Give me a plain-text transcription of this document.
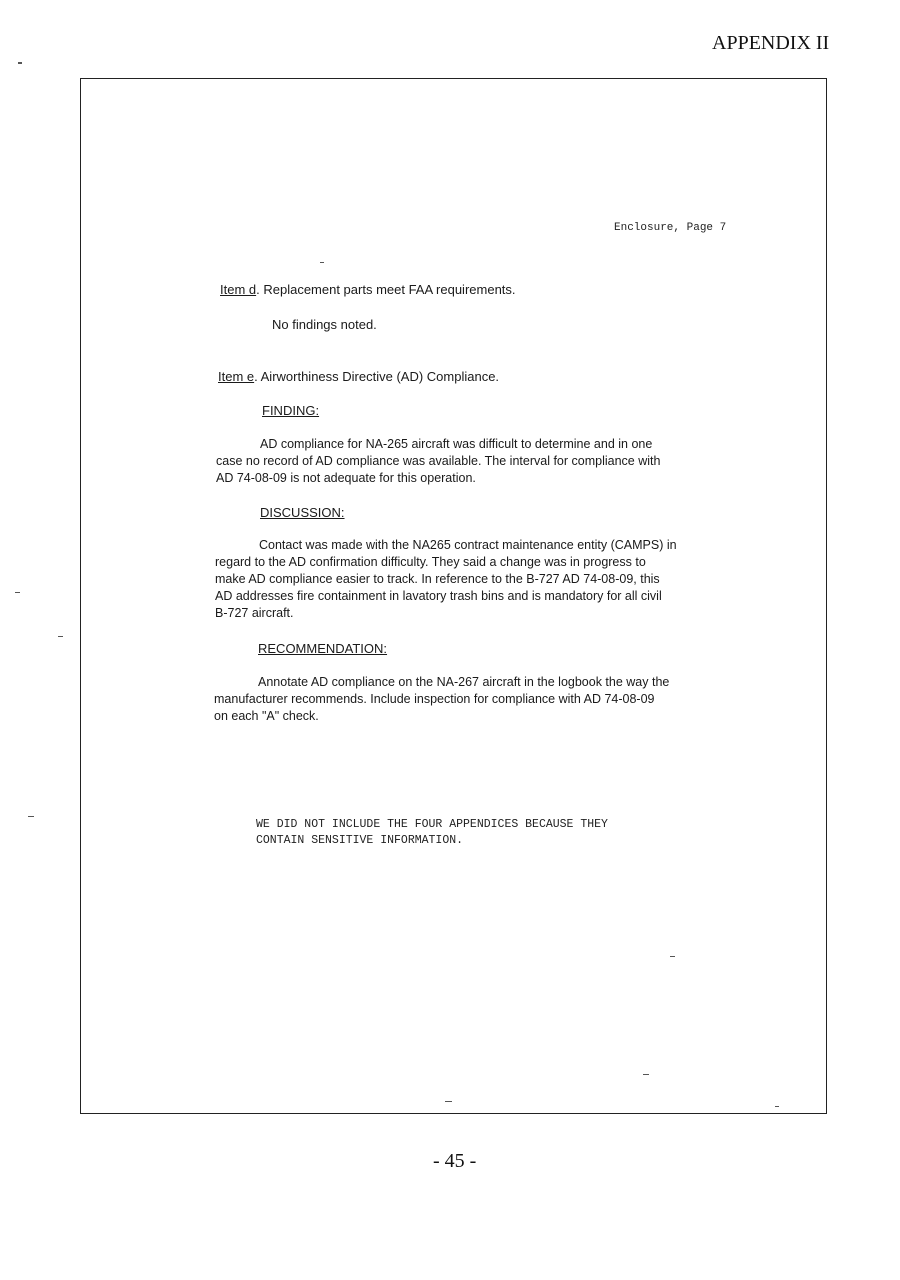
APPENDIX II
Enclosure, Page 7
Item d. Replacement parts meet FAA requirements.
No findings noted.
Item e. Airworthiness Directive (AD) Compliance.
FINDING:
AD compliance for NA-265 aircraft was difficult to determine and in one
case no record of AD compliance was available. The interval for compliance with
AD 74-08-09 is not adequate for this operation.
DISCUSSION:
Contact was made with the NA265 contract maintenance entity (CAMPS) in
regard to the AD confirmation difficulty. They said a change was in progress to
make AD compliance easier to track. In reference to the B-727 AD 74-08-09, this
AD addresses fire containment in lavatory trash bins and is mandatory for all civil
B-727 aircraft.
RECOMMENDATION:
Annotate AD compliance on the NA-267 aircraft in the logbook the way the
manufacturer recommends. Include inspection for compliance with AD 74-08-09
on each "A" check.
WE DID NOT INCLUDE THE FOUR APPENDICES BECAUSE THEY
CONTAIN SENSITIVE INFORMATION.
- 45 -
